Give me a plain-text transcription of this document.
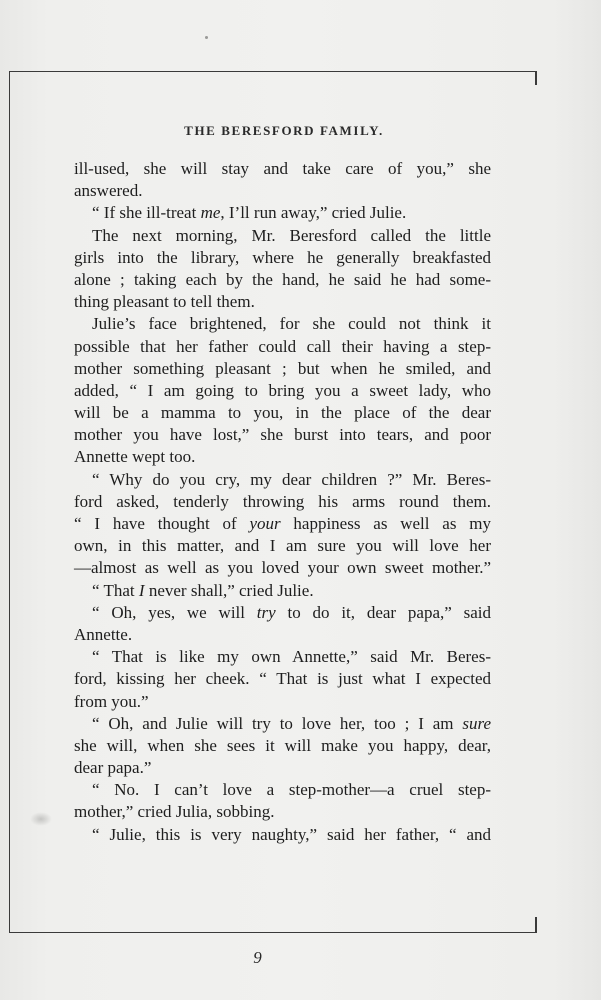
THE BERESFORD FAMILY.
ill-used, she will stay and take care of you,” she
answered.
“ If she ill-treat me, I’ll run away,” cried Julie.
The next morning, Mr. Beresford called the little
girls into the library, where he generally breakfasted
alone ; taking each by the hand, he said he had some-
thing pleasant to tell them.
Julie’s face brightened, for she could not think it
possible that her father could call their having a step-
mother something pleasant ; but when he smiled, and
added, “ I am going to bring you a sweet lady, who
will be a mamma to you, in the place of the dear
mother you have lost,” she burst into tears, and poor
Annette wept too.
“ Why do you cry, my dear children ?” Mr. Beres-
ford asked, tenderly throwing his arms round them.
“ I have thought of your happiness as well as my
own, in this matter, and I am sure you will love her
—almost as well as you loved your own sweet mother.”
“ That I never shall,” cried Julie.
“ Oh, yes, we will try to do it, dear papa,” said
Annette.
“ That is like my own Annette,” said Mr. Beres-
ford, kissing her cheek. “ That is just what I expected
from you.”
“ Oh, and Julie will try to love her, too ; I am sure
she will, when she sees it will make you happy, dear,
dear papa.”
“ No. I can’t love a step-mother—a cruel step-
mother,” cried Julia, sobbing.
“ Julie, this is very naughty,” said her father, “ and
9
